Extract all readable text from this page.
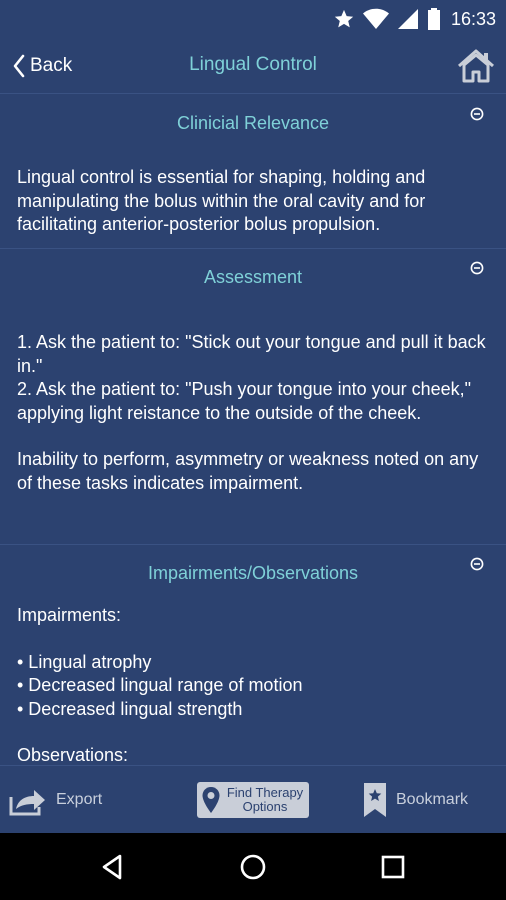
16:33
Back	Lingual Control
Clinicial Relevance
Lingual control is essential for shaping, holding and manipulating the bolus within the oral cavity and for facilitating anterior-posterior bolus propulsion.
Assessment
1. Ask the patient to: "Stick out your tongue and pull it back in."
2. Ask the patient to: "Push your tongue into your cheek," applying light reistance to the outside of the cheek.
Inability to perform, asymmetry or weakness noted on any of these tasks indicates impairment.
Impairments/Observations
Impairments:
• Lingual atrophy
• Decreased lingual range of motion
• Decreased lingual strength
Observations:
Export	Find Therapy Options	Bookmark
